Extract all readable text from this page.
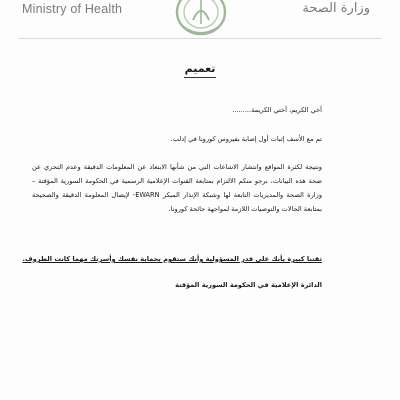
Ministry of Health	وزارة الصحة
تعميم
أخي الكريم، أختي الكريمة.........
تم مع الأسف إثبات أول إصابة بفيروس كورونا في إدلب.
ونتيجة لكثرة المواقع وانتشار الاشاعات التي من شأنها الابتعاد عن المعلومات الدقيقة وعدم التحري عن صحة هذه البيانات، نرجو منكم الالتزام بمتابعة القنوات الإعلامية الرسمية في الحكومة السورية المؤقتة –وزارة الصحة والمديريات التابعة لها وشبكة الإنذار المبكر EWARN- لإيصال المعلومة الدقيقة والصحيحة بمتابعة الحالات والتوصيات اللازمة لمواجهة جائحة كورونا.
ثقتنا كبيرة بأنك على قدر المسؤولية وأنك ستقوم بحماية نفسك وأسرتك مهما كانت الظروف.
الدائرة الإعلامية في الحكومة السورية المؤقتة
